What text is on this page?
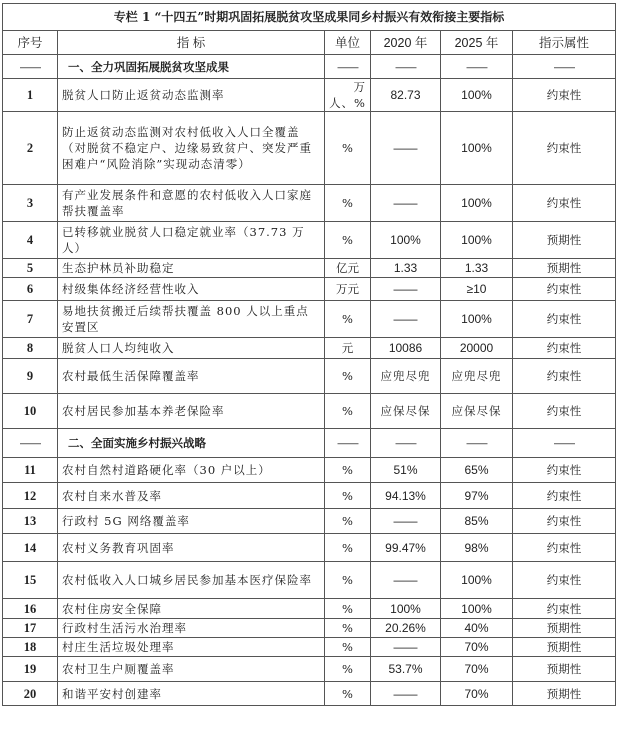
专栏 1 “十四五”时期巩固拓展脱贫攻坚成果同乡村振兴有效衔接主要指标					
序号	指 标	单位	2020 年	2025 年	指示属性
——	一、全力巩固拓展脱贫攻坚成果	——	——	——	——
1	脱贫人口防止返贫动态监测率	万人、%	82.73	100%	约束性
2	防止返贫动态监测对农村低收入人口全覆盖（对脱贫不稳定户、边缘易致贫户、突发严重困难户“风险消除”实现动态清零）	%	——	100%	约束性
3	有产业发展条件和意愿的农村低收入人口家庭帮扶覆盖率	%	——	100%	约束性
4	已转移就业脱贫人口稳定就业率（37.73 万人）	%	100%	100%	预期性
5	生态护林员补助稳定	亿元	1.33	1.33	预期性
6	村级集体经济经营性收入	万元	——	≥10	约束性
7	易地扶贫搬迁后续帮扶覆盖 800 人以上重点安置区	%	——	100%	约束性
8	脱贫人口人均纯收入	元	10086	20000	约束性
9	农村最低生活保障覆盖率	%	应兜尽兜	应兜尽兜	约束性
10	农村居民参加基本养老保险率	%	应保尽保	应保尽保	约束性
——	二、全面实施乡村振兴战略	——	——	——	——
11	农村自然村道路硬化率（30 户以上）	%	51%	65%	约束性
12	农村自来水普及率	%	94.13%	97%	约束性
13	行政村 5G 网络覆盖率	%	——	85%	约束性
14	农村义务教育巩固率	%	99.47%	98%	约束性
15	农村低收入人口城乡居民参加基本医疗保险率	%	——	100%	约束性
16	农村住房安全保障	%	100%	100%	约束性
17	行政村生活污水治理率	%	20.26%	40%	预期性
18	村庄生活垃圾处理率	%	——	70%	预期性
19	农村卫生户厕覆盖率	%	53.7%	70%	预期性
20	和谐平安村创建率	%	——	70%	预期性
